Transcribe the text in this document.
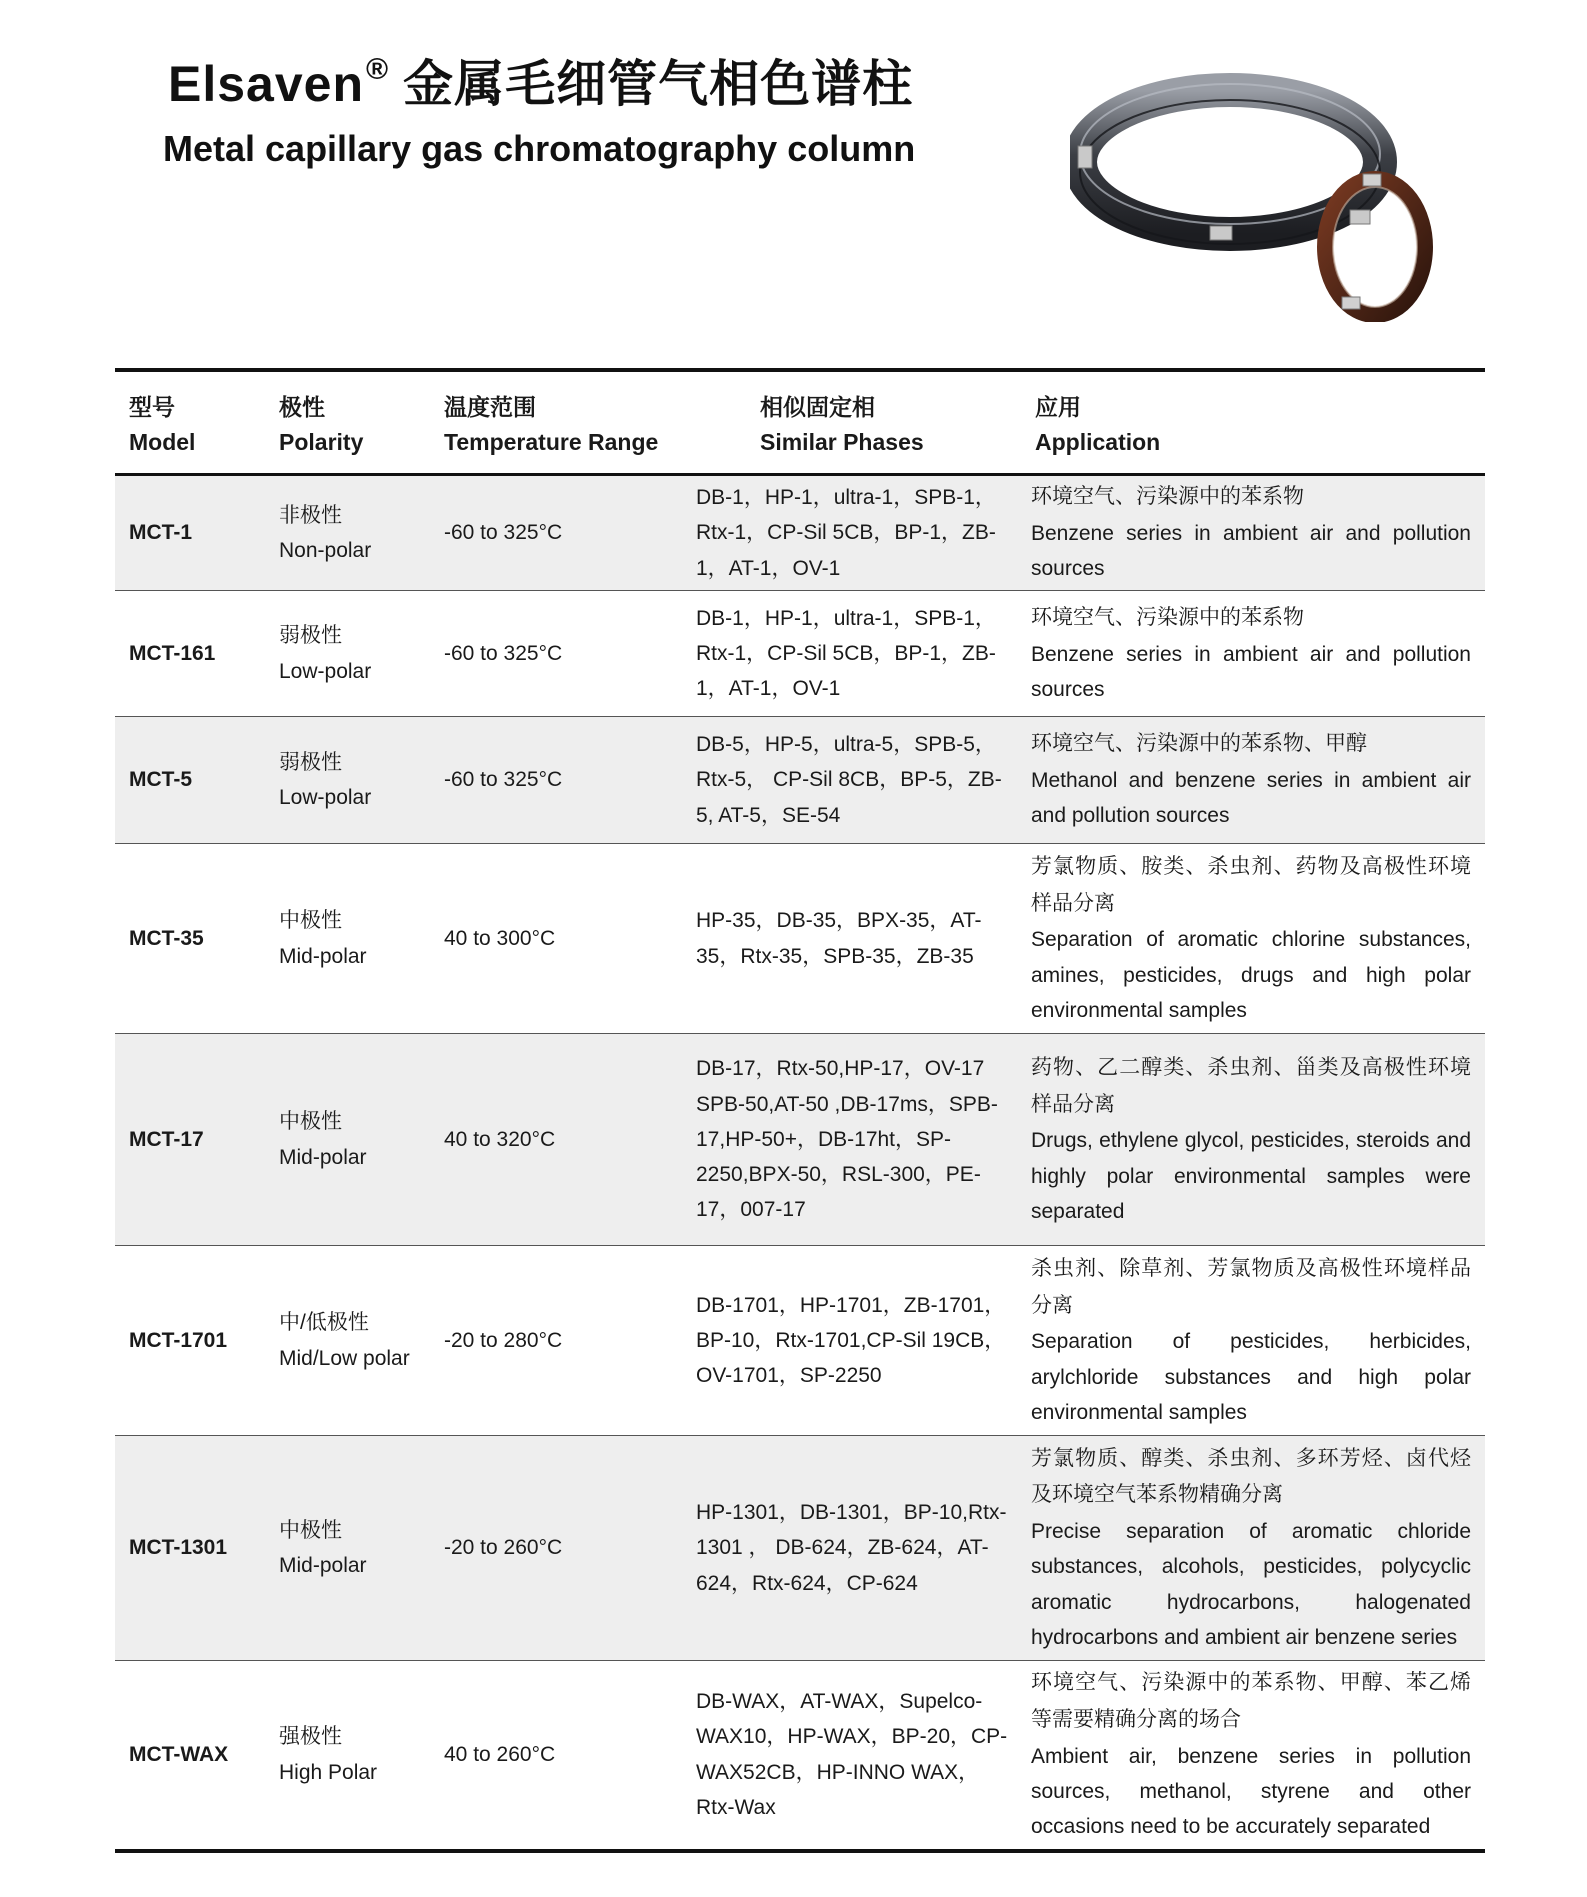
Elsaven® 金属毛细管气相色谱柱
Metal capillary gas chromatography column
型号
Model	极性
Polarity	温度范围
Temperature Range	相似固定相
Similar Phases	应用
Application

MCT-1	非极性
Non-polar	-60 to 325°C	DB-1，HP-1，ultra-1，SPB-1，Rtx-1，CP-Sil 5CB，BP-1，ZB-1，AT-1，OV-1	环境空气、污染源中的苯系物
Benzene series in ambient air and pollution sources

MCT-161	弱极性
Low-polar	-60 to 325°C	DB-1，HP-1，ultra-1，SPB-1，Rtx-1，CP-Sil 5CB，BP-1，ZB-1，AT-1，OV-1	环境空气、污染源中的苯系物
Benzene series in ambient air and pollution sources

MCT-5	弱极性
Low-polar	-60 to 325°C	DB-5，HP-5，ultra-5，SPB-5，Rtx-5， CP-Sil 8CB，BP-5，ZB-5, AT-5，SE-54	环境空气、污染源中的苯系物、甲醇
Methanol and benzene series in ambient air and pollution sources

MCT-35	中极性
Mid-polar	40 to 300°C	HP-35，DB-35，BPX-35，AT-35，Rtx-35，SPB-35，ZB-35	芳氯物质、胺类、杀虫剂、药物及高极性环境样品分离
Separation of aromatic chlorine substances, amines, pesticides, drugs and high polar environmental samples

MCT-17	中极性
Mid-polar	40 to 320°C	DB-17，Rtx-50,HP-17，OV-17 SPB-50,AT-50 ,DB-17ms，SPB-17,HP-50+，DB-17ht，SP-2250,BPX-50，RSL-300，PE-17，007-17	药物、乙二醇类、杀虫剂、甾类及高极性环境样品分离
Drugs, ethylene glycol, pesticides, steroids and highly polar environmental samples were separated

MCT-1701	中/低极性
Mid/Low polar	-20 to 280°C	DB-1701，HP-1701，ZB-1701，BP-10，Rtx-1701,CP-Sil 19CB，OV-1701，SP-2250	杀虫剂、除草剂、芳氯物质及高极性环境样品分离
Separation of pesticides, herbicides, arylchloride substances and high polar environmental samples

MCT-1301	中极性
Mid-polar	-20 to 260°C	HP-1301，DB-1301，BP-10,Rtx-1301 ， DB-624，ZB-624，AT-624，Rtx-624，CP-624	芳氯物质、醇类、杀虫剂、多环芳烃、卤代烃及环境空气苯系物精确分离
Precise separation of aromatic chloride substances, alcohols, pesticides, polycyclic aromatic hydrocarbons, halogenated hydrocarbons and ambient air benzene series

MCT-WAX	强极性
High Polar	40 to 260°C	DB-WAX，AT-WAX，Supelco-WAX10，HP-WAX，BP-20，CP-WAX52CB，HP-INNO WAX，Rtx-Wax	环境空气、污染源中的苯系物、甲醇、苯乙烯等需要精确分离的场合
Ambient air, benzene series in pollution sources, methanol, styrene and other occasions need to be accurately separated
